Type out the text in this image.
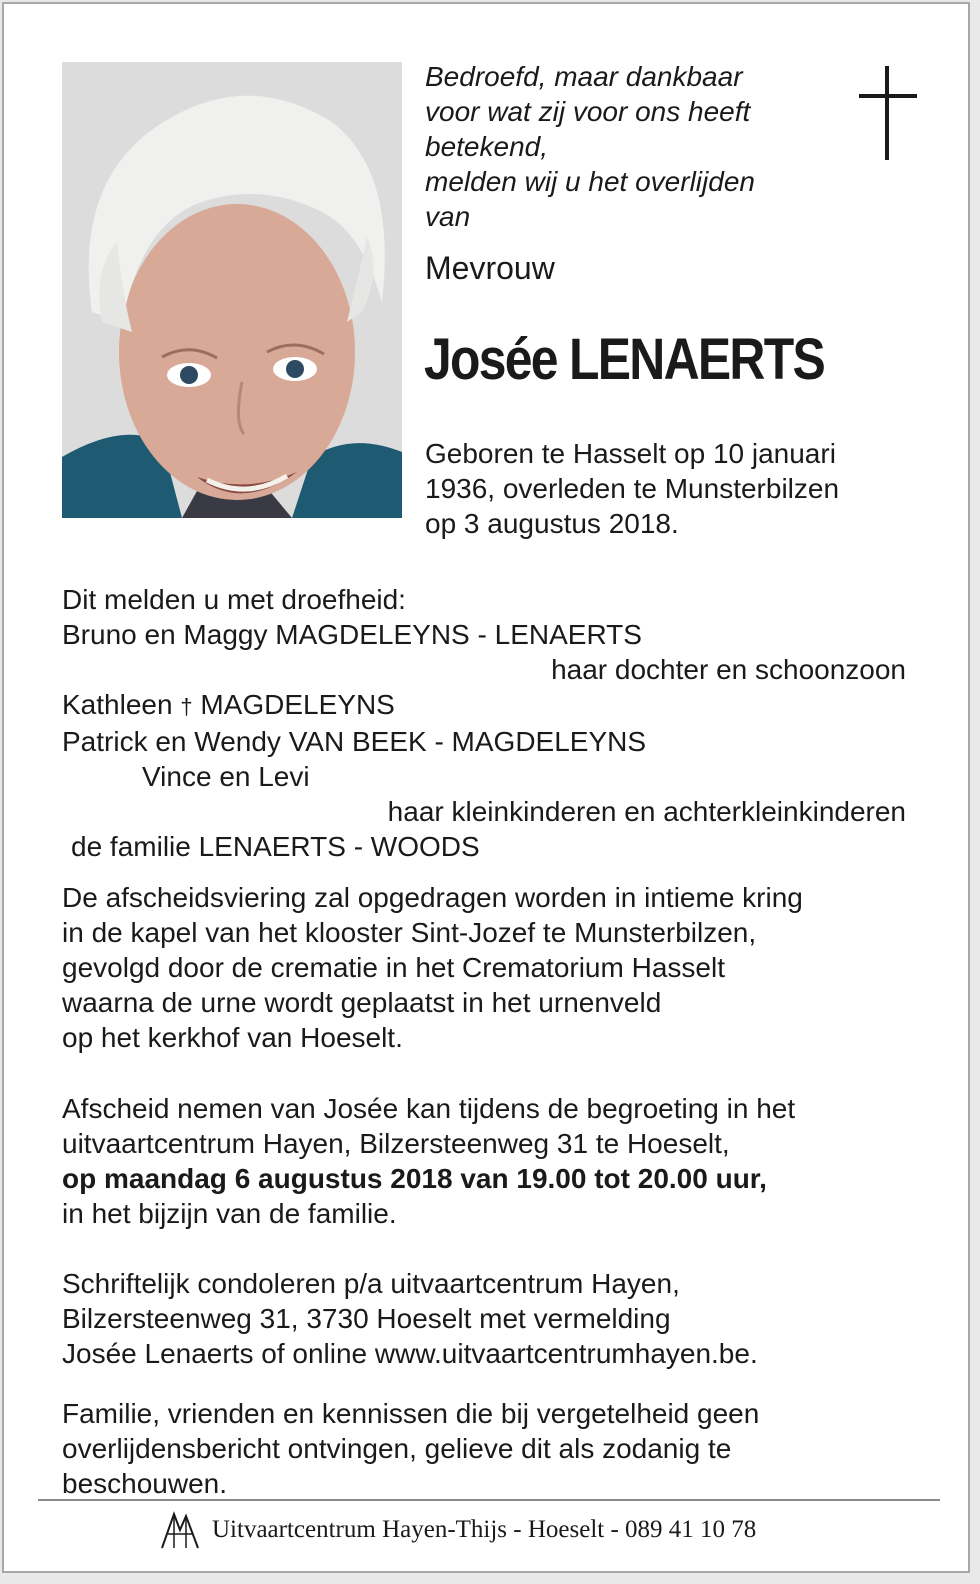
Bedroefd, maar dankbaar
voor wat zij voor ons heeft
betekend,
melden wij u het overlijden
van

Mevrouw

Josée LENAERTS

Geboren te Hasselt op 10 januari
1936, overleden te Munsterbilzen
op 3 augustus 2018.

Dit melden u met droefheid:
Bruno en Maggy MAGDELEYNS - LENAERTS
haar dochter en schoonzoon
Kathleen † MAGDELEYNS
Patrick en Wendy VAN BEEK - MAGDELEYNS
Vince en Levi
haar kleinkinderen en achterkleinkinderen
de familie LENAERTS - WOODS

De afscheidsviering zal opgedragen worden in intieme kring
in de kapel van het klooster Sint-Jozef te Munsterbilzen,
gevolgd door de crematie in het Crematorium Hasselt
waarna de urne wordt geplaatst in het urnenveld
op het kerkhof van Hoeselt.

Afscheid nemen van Josée kan tijdens de begroeting in het
uitvaartcentrum Hayen, Bilzersteenweg 31 te Hoeselt,
op maandag 6 augustus 2018 van 19.00 tot 20.00 uur,
in het bijzijn van de familie.

Schriftelijk condoleren p/a uitvaartcentrum Hayen,
Bilzersteenweg 31, 3730 Hoeselt met vermelding
Josée Lenaerts of online www.uitvaartcentrumhayen.be.

Familie, vrienden en kennissen die bij vergetelheid geen
overlijdensbericht ontvingen, gelieve dit als zodanig te
beschouwen.

Uitvaartcentrum Hayen-Thijs - Hoeselt - 089 41 10 78
